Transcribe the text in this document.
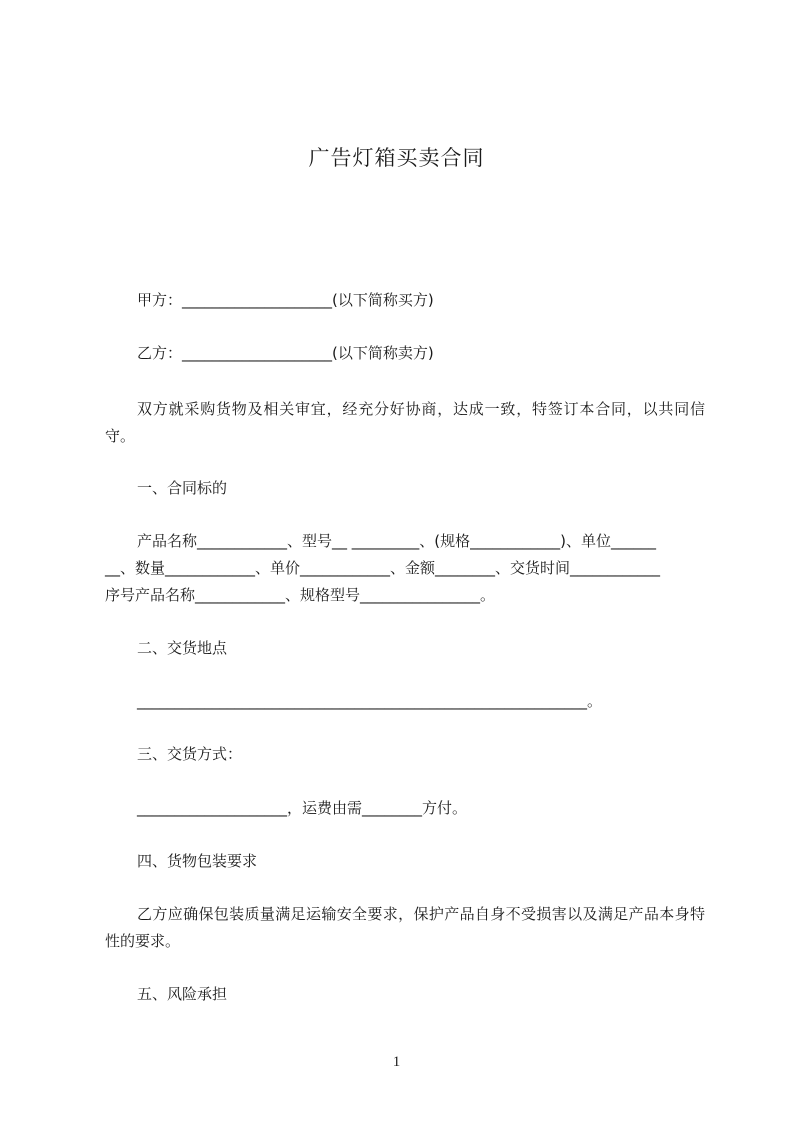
广告灯箱买卖合同
甲方：____________________(以下简称买方)
乙方：____________________(以下简称卖方)
双方就采购货物及相关审宜，经充分好协商，达成一致，特签订本合同，以共同信守。
一、合同标的
产品名称____________、型号__ _________、(规格____________)、单位______
__、数量____________、单价____________、金额________、交货时间____________
序号产品名称____________、规格型号________________。
二、交货地点
____________________________________________________________。
三、交货方式：
____________________，运费由需________方付。
四、货物包装要求
乙方应确保包装质量满足运输安全要求，保护产品自身不受损害以及满足产品本身特性的要求。
五、风险承担
1
